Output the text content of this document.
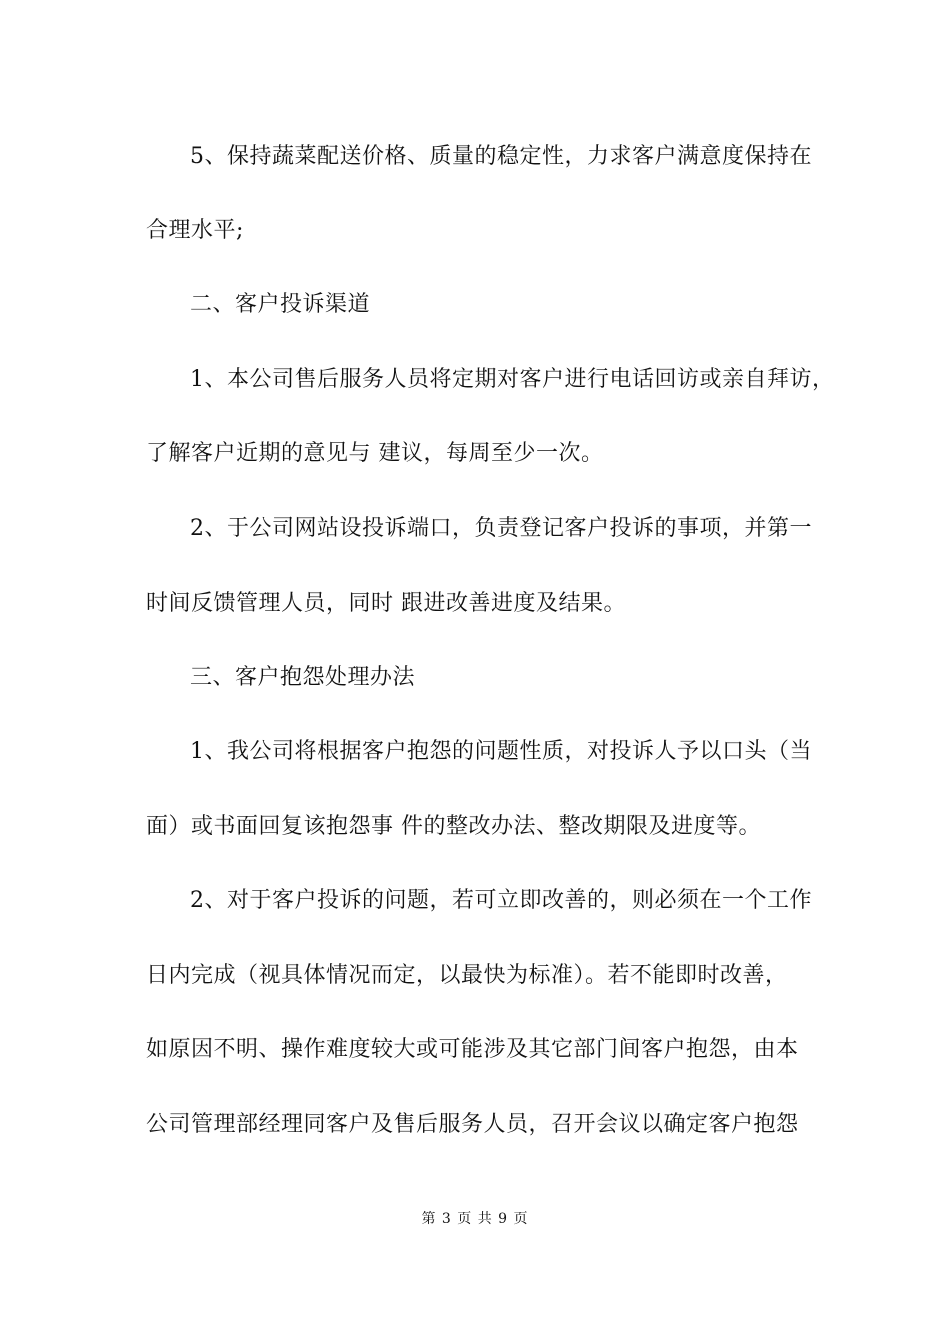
5、保持蔬菜配送价格、质量的稳定性，力求客户满意度保持在
合理水平;
二、客户投诉渠道
1、本公司售后服务人员将定期对客户进行电话回访或亲自拜访，
了解客户近期的意见与 建议，每周至少一次。
2、于公司网站设投诉端口，负责登记客户投诉的事项，并第一
时间反馈管理人员，同时 跟进改善进度及结果。
三、客户抱怨处理办法
1、我公司将根据客户抱怨的问题性质，对投诉人予以口头（当
面）或书面回复该抱怨事 件的整改办法、整改期限及进度等。
2、对于客户投诉的问题，若可立即改善的，则必须在一个工作
日内完成（视具体情况而定，以最快为标准）。若不能即时改善，
如原因不明、操作难度较大或可能涉及其它部门间客户抱怨，由本
公司管理部经理同客户及售后服务人员，召开会议以确定客户抱怨
第 3 页 共 9 页
